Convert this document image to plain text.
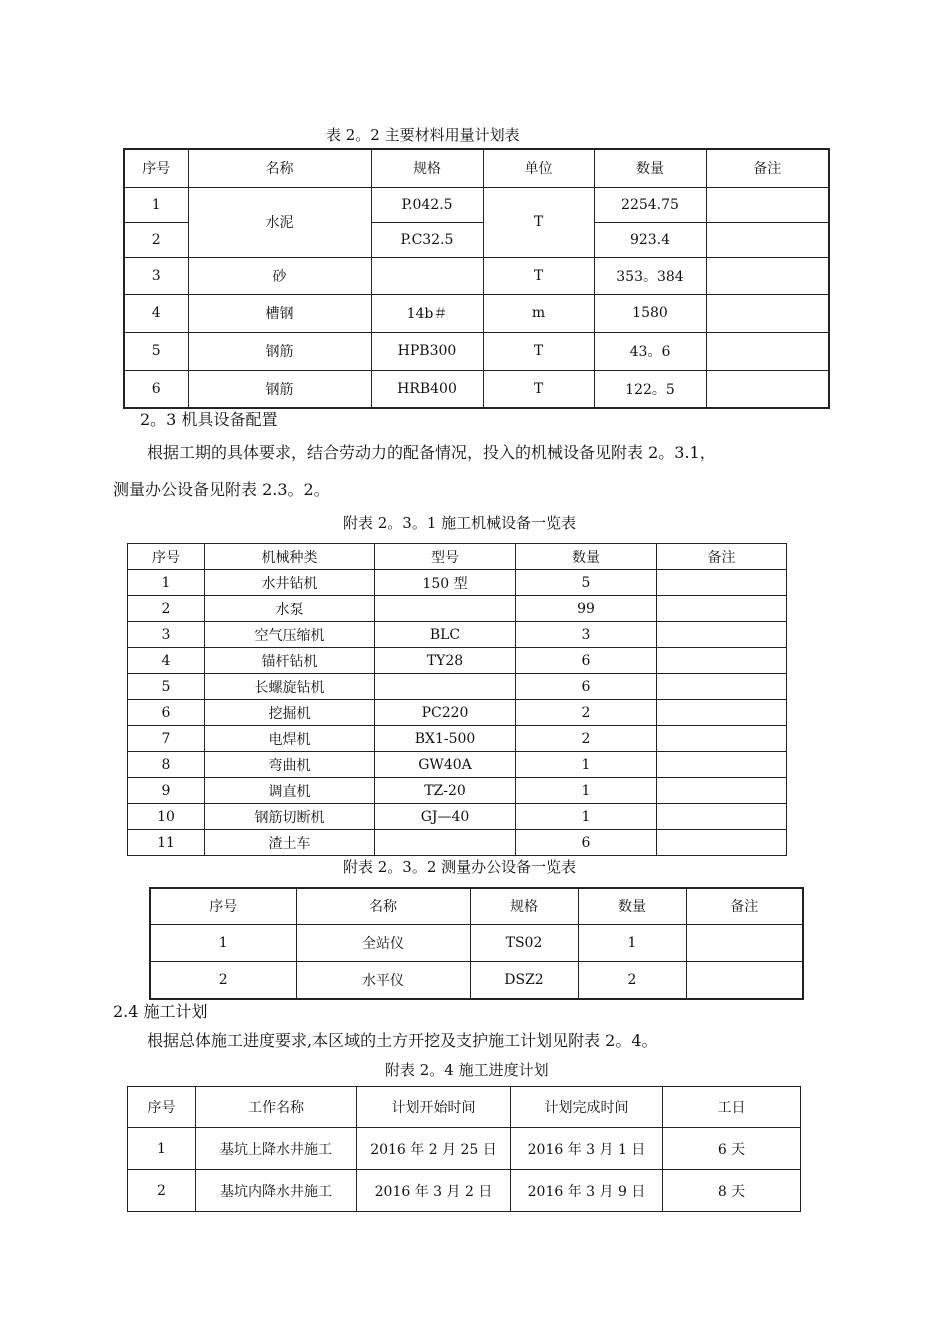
表 2。2 主要材料用量计划表
序号	名称	规格	单位	数量	备注
1	水泥	P.042.5	T	2254.75	
2		P.C32.5		923.4	
3	砂		T	353。384	
4	槽钢	14b＃	m	1580	
5	钢筋	HPB300	T	43。6	
6	钢筋	HRB400	T	122。5	
2。3 机具设备配置
根据工期的具体要求，结合劳动力的配备情况，投入的机械设备见附表 2。3.1，
测量办公设备见附表 2.3。2。
附表 2。3。1 施工机械设备一览表
序号	机械种类	型号	数量	备注
1	水井钻机	150 型	5	
2	水泵		99	
3	空气压缩机	BLC	3	
4	锚杆钻机	TY28	6	
5	长螺旋钻机		6	
6	挖掘机	PC220	2	
7	电焊机	BX1-500	2	
8	弯曲机	GW40A	1	
9	调直机	TZ-20	1	
10	钢筋切断机	GJ—40	1	
11	渣土车		6	
附表 2。3。2 测量办公设备一览表
序号	名称	规格	数量	备注
1	全站仪	TS02	1	
2	水平仪	DSZ2	2	
2.4 施工计划
根据总体施工进度要求,本区域的土方开挖及支护施工计划见附表 2。4。
附表 2。4 施工进度计划
序号	工作名称	计划开始时间	计划完成时间	工日
1	基坑上降水井施工	2016 年 2 月 25 日	2016 年 3 月 1 日	6 天
2	基坑内降水井施工	2016 年 3 月 2 日	2016 年 3 月 9 日	8 天
